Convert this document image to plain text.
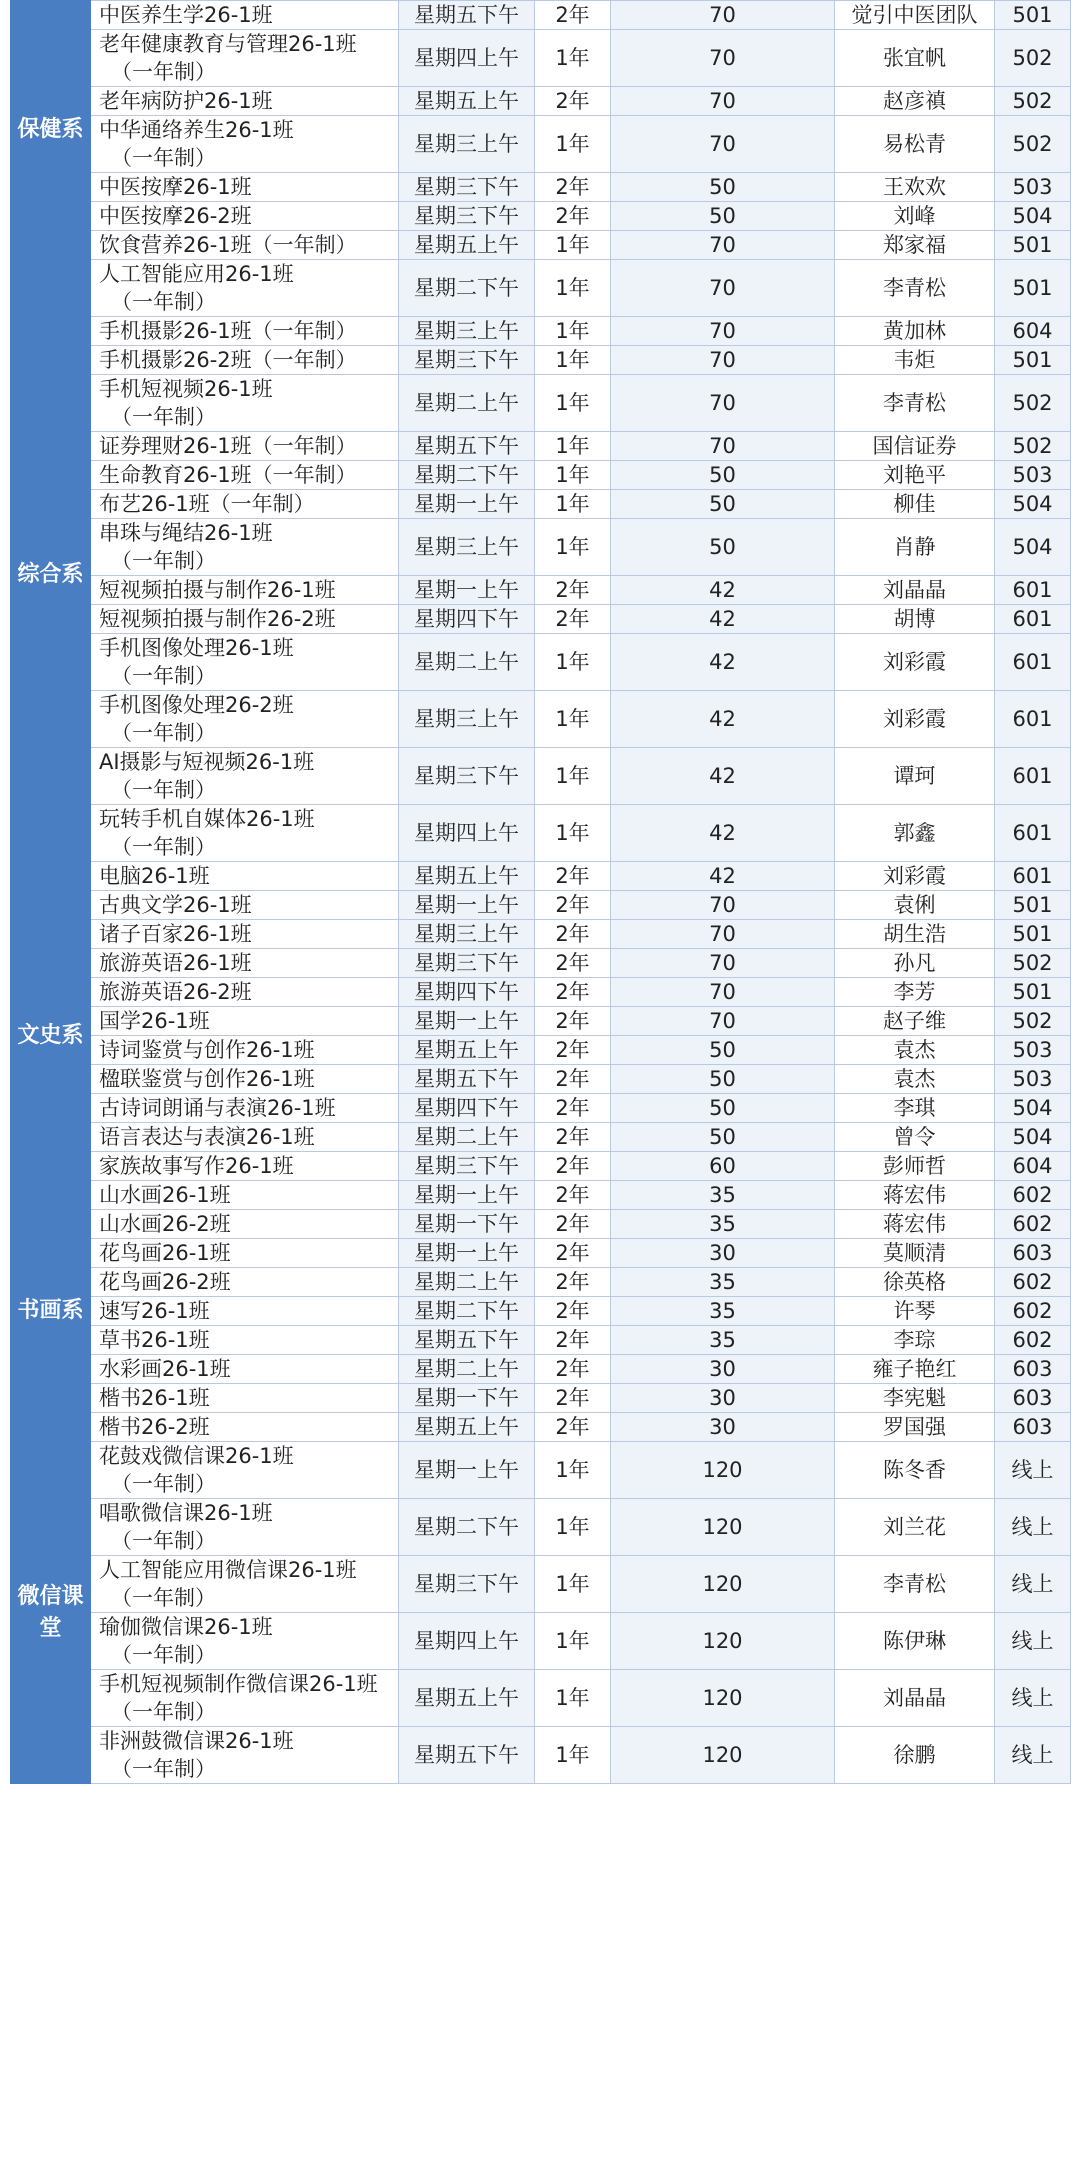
保健系	中医养生学26-1班	星期五下午	2年	70	觉引中医团队	501
	老年健康教育与管理26-1班
（一年制）	星期四上午	1年	70	张宜帆	502
	老年病防护26-1班	星期五上午	2年	70	赵彦禛	502
	中华通络养生26-1班
（一年制）	星期三上午	1年	70	易松青	502
	中医按摩26-1班	星期三下午	2年	50	王欢欢	503
	中医按摩26-2班	星期三下午	2年	50	刘峰	504
	饮食营养26-1班（一年制）	星期五上午	1年	70	郑家福	501
综合系	人工智能应用26-1班
（一年制）	星期二下午	1年	70	李青松	501
	手机摄影26-1班（一年制）	星期三上午	1年	70	黄加林	604
	手机摄影26-2班（一年制）	星期三下午	1年	70	韦炬	501
	手机短视频26-1班
（一年制）	星期二上午	1年	70	李青松	502
	证券理财26-1班（一年制）	星期五下午	1年	70	国信证券	502
	生命教育26-1班（一年制）	星期二下午	1年	50	刘艳平	503
	布艺26-1班（一年制）	星期一上午	1年	50	柳佳	504
	串珠与绳结26-1班
（一年制）	星期三上午	1年	50	肖静	504
	短视频拍摄与制作26-1班	星期一上午	2年	42	刘晶晶	601
	短视频拍摄与制作26-2班	星期四下午	2年	42	胡博	601
	手机图像处理26-1班
（一年制）	星期二上午	1年	42	刘彩霞	601
	手机图像处理26-2班
（一年制）	星期三上午	1年	42	刘彩霞	601
	AI摄影与短视频26-1班
（一年制）	星期三下午	1年	42	谭珂	601
	玩转手机自媒体26-1班
（一年制）	星期四上午	1年	42	郭鑫	601
	电脑26-1班	星期五上午	2年	42	刘彩霞	601
文史系	古典文学26-1班	星期一上午	2年	70	袁俐	501
	诸子百家26-1班	星期三上午	2年	70	胡生浩	501
	旅游英语26-1班	星期三下午	2年	70	孙凡	502
	旅游英语26-2班	星期四下午	2年	70	李芳	501
	国学26-1班	星期一上午	2年	70	赵子维	502
	诗词鉴赏与创作26-1班	星期五上午	2年	50	袁杰	503
	楹联鉴赏与创作26-1班	星期五下午	2年	50	袁杰	503
	古诗词朗诵与表演26-1班	星期四下午	2年	50	李琪	504
	语言表达与表演26-1班	星期二上午	2年	50	曾令	504
	家族故事写作26-1班	星期三下午	2年	60	彭师哲	604
书画系	山水画26-1班	星期一上午	2年	35	蒋宏伟	602
	山水画26-2班	星期一下午	2年	35	蒋宏伟	602
	花鸟画26-1班	星期一上午	2年	30	莫顺清	603
	花鸟画26-2班	星期二上午	2年	35	徐英格	602
	速写26-1班	星期二下午	2年	35	许琴	602
	草书26-1班	星期五下午	2年	35	李琮	602
	水彩画26-1班	星期二上午	2年	30	雍子艳红	603
	楷书26-1班	星期一下午	2年	30	李宪魁	603
	楷书26-2班	星期五上午	2年	30	罗国强	603
微信课堂	花鼓戏微信课26-1班
（一年制）	星期一上午	1年	120	陈冬香	线上
	唱歌微信课26-1班
（一年制）	星期二下午	1年	120	刘兰花	线上
	人工智能应用微信课26-1班
（一年制）	星期三下午	1年	120	李青松	线上
	瑜伽微信课26-1班
（一年制）	星期四上午	1年	120	陈伊琳	线上
	手机短视频制作微信课26-1班
（一年制）	星期五上午	1年	120	刘晶晶	线上
	非洲鼓微信课26-1班
（一年制）	星期五下午	1年	120	徐鹏	线上
